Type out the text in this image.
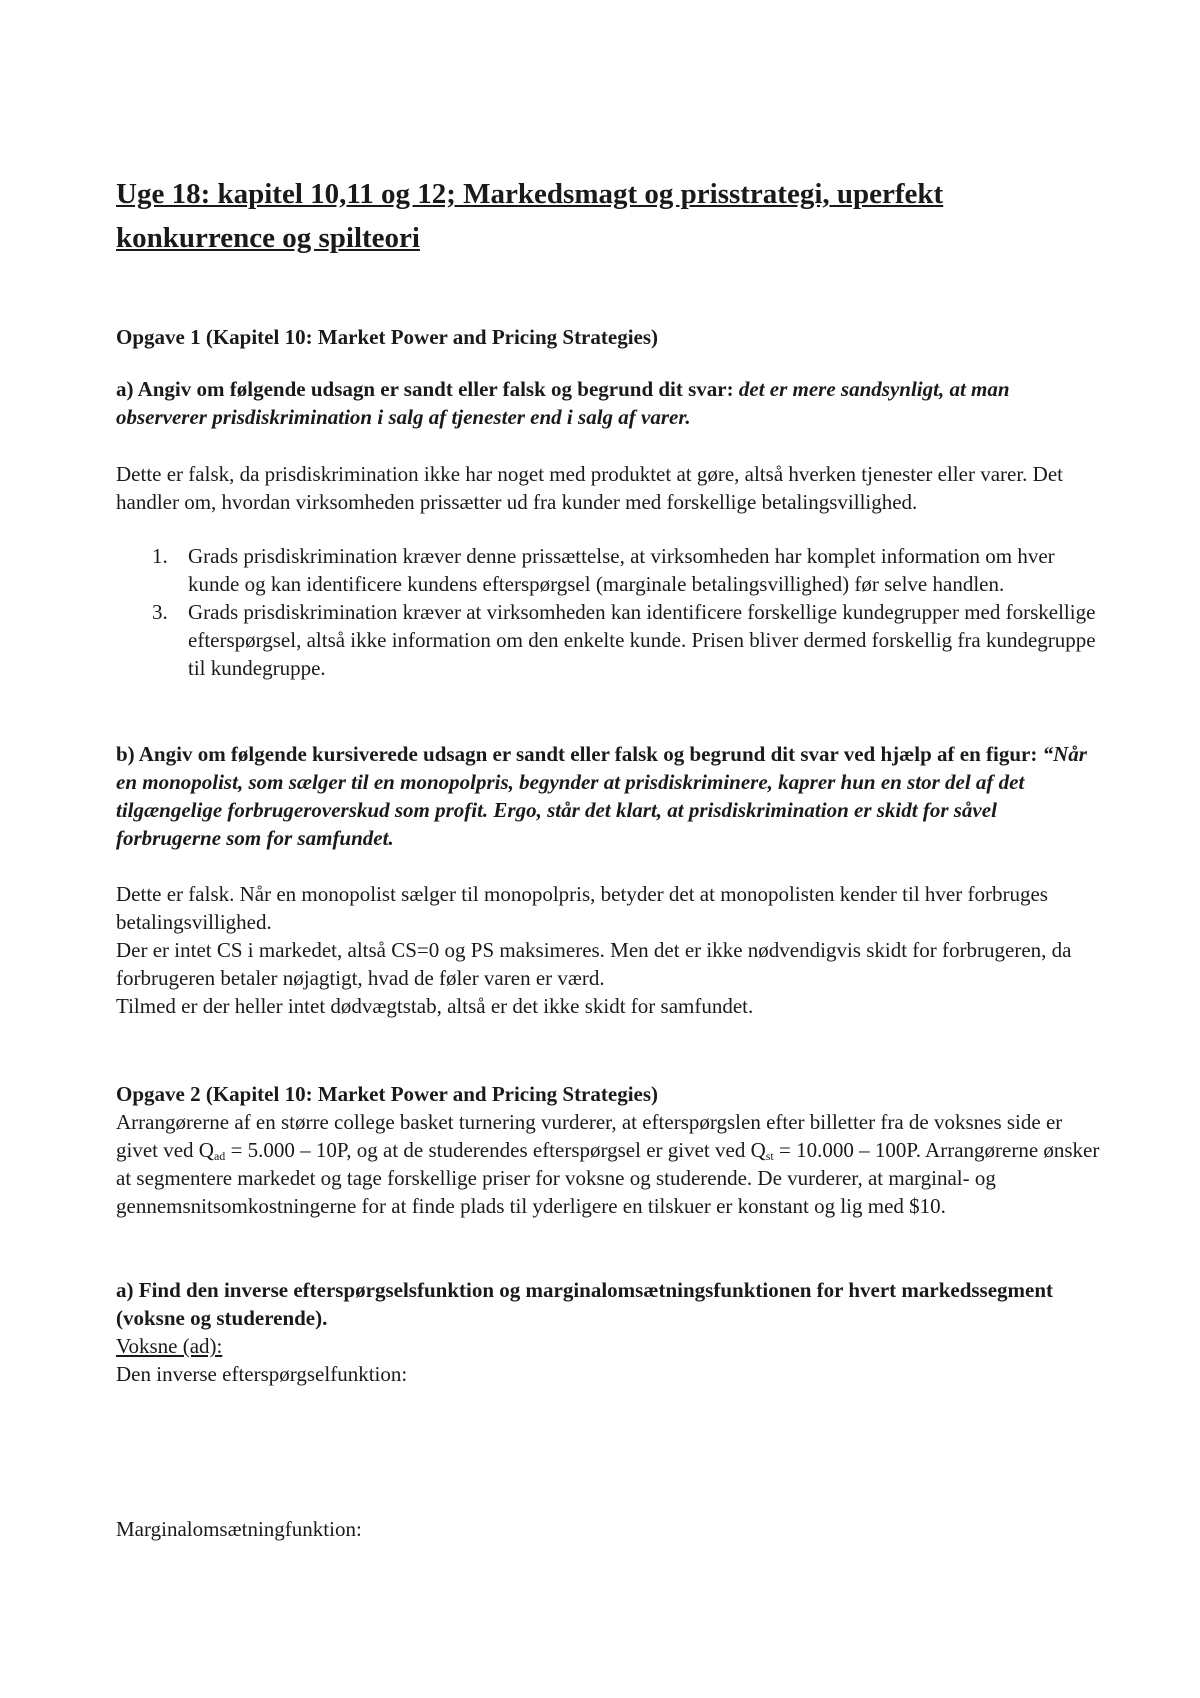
Uge 18: kapitel 10,11 og 12; Markedsmagt og prisstrategi, uperfekt konkurrence og spilteori
Opgave 1 (Kapitel 10: Market Power and Pricing Strategies)
a) Angiv om følgende udsagn er sandt eller falsk og begrund dit svar: det er mere sandsynligt, at man observerer prisdiskrimination i salg af tjenester end i salg af varer.
Dette er falsk, da prisdiskrimination ikke har noget med produktet at gøre, altså hverken tjenester eller varer. Det handler om, hvordan virksomheden prissætter ud fra kunder med forskellige betalingsvillighed.
1. Grads prisdiskrimination kræver denne prissættelse, at virksomheden har komplet information om hver kunde og kan identificere kundens efterspørgsel (marginale betalingsvillighed) før selve handlen.
3. Grads prisdiskrimination kræver at virksomheden kan identificere forskellige kundegrupper med forskellige efterspørgsel, altså ikke information om den enkelte kunde. Prisen bliver dermed forskellig fra kundegruppe til kundegruppe.
b) Angiv om følgende kursiverede udsagn er sandt eller falsk og begrund dit svar ved hjælp af en figur: “Når en monopolist, som sælger til en monopolpris, begynder at prisdiskriminere, kaprer hun en stor del af det tilgængelige forbrugeroverskud som profit. Ergo, står det klart, at prisdiskrimination er skidt for såvel forbrugerne som for samfundet.
Dette er falsk. Når en monopolist sælger til monopolpris, betyder det at monopolisten kender til hver forbruges betalingsvillighed.
Der er intet CS i markedet, altså CS=0 og PS maksimeres. Men det er ikke nødvendigvis skidt for forbrugeren, da forbrugeren betaler nøjagtigt, hvad de føler varen er værd.
Tilmed er der heller intet dødvægtstab, altså er det ikke skidt for samfundet.
Opgave 2 (Kapitel 10: Market Power and Pricing Strategies)
Arrangørerne af en større college basket turnering vurderer, at efterspørgslen efter billetter fra de voksnes side er givet ved $Q_{ad} = 5.000 - 10P$, og at de studerendes efterspørgsel er givet ved $Q_{st} = 10.000 - 100P$. Arrangørerne ønsker at segmentere markedet og tage forskellige priser for voksne og studerende. De vurderer, at marginal- og gennemsnitsomkostningerne for at finde plads til yderligere en tilskuer er konstant og lig med $10.
a) Find den inverse efterspørgselsfunktion og marginalomsætningsfunktionen for hvert markedssegment (voksne og studerende).
Voksne (ad):
Den inverse efterspørgselfunktion:
Marginalomsætningfunktion:
